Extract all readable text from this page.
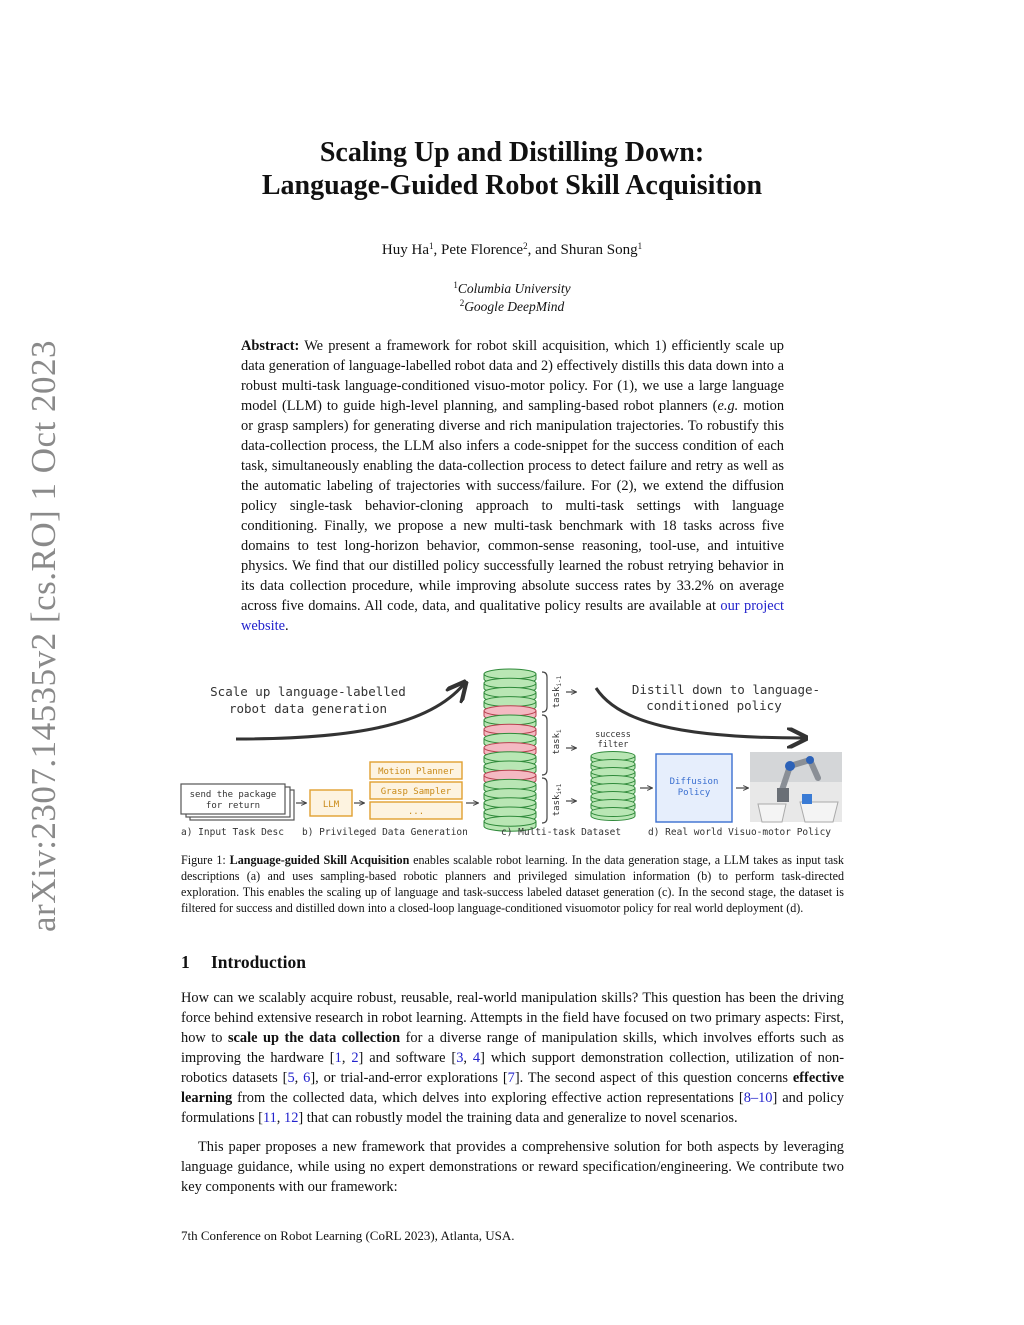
arXiv:2307.14535v2 [cs.RO] 1 Oct 2023
Scaling Up and Distilling Down:
Language-Guided Robot Skill Acquisition
Huy Ha$^1$, Pete Florence$^2$, and Shuran Song$^1$
$^1$Columbia University
$^2$Google DeepMind
Abstract: We present a framework for robot skill acquisition, which 1) efficiently scale up data generation of language-labelled robot data and 2) effectively distills this data down into a robust multi-task language-conditioned visuo-motor policy. For (1), we use a large language model (LLM) to guide high-level planning, and sampling-based robot planners (e.g. motion or grasp samplers) for generating diverse and rich manipulation trajectories. To robustify this data-collection process, the LLM also infers a code-snippet for the success condition of each task, simultaneously enabling the data-collection process to detect failure and retry as well as the automatic labeling of trajectories with success/failure. For (2), we extend the diffusion policy single-task behavior-cloning approach to multi-task settings with language conditioning. Finally, we propose a new multi-task benchmark with 18 tasks across five domains to test long-horizon behavior, common-sense reasoning, tool-use, and intuitive physics. We find that our distilled policy successfully learned the robust retrying behavior in its data collection procedure, while improving absolute success rates by 33.2% on average across five domains. All code, data, and qualitative policy results are available at our project website.
Scale up language-labelled
robot data generation
Distill down to language-
conditioned policy
send the package
for return	LLM
Motion Planner
Grasp Sampler
...
task$_{i-1}$
task$_i$
task$_{i+1}$
success
filter
Diffusion
Policy
a) Input Task Desc b) Privileged Data Generation	c) Multi-task Dataset	d) Real world Visuo-motor Policy
Figure 1: Language-guided Skill Acquisition enables scalable robot learning. In the data generation stage, a LLM takes as input task descriptions (a) and uses sampling-based robotic planners and privileged simulation information (b) to perform task-directed exploration. This enables the scaling up of language and task-success labeled dataset generation (c). In the second stage, the dataset is filtered for success and distilled down into a closed-loop language-conditioned visuomotor policy for real world deployment (d).
1 Introduction
How can we scalably acquire robust, reusable, real-world manipulation skills? This question has been the driving force behind extensive research in robot learning. Attempts in the field have focused on two primary aspects: First, how to scale up the data collection for a diverse range of manipulation skills, which involves efforts such as improving the hardware [1, 2] and software [3, 4] which support demonstration collection, utilization of non-robotics datasets [5, 6], or trial-and-error explorations [7]. The second aspect of this question concerns effective learning from the collected data, which delves into exploring effective action representations [8–10] and policy formulations [11, 12] that can robustly model the training data and generalize to novel scenarios.
This paper proposes a new framework that provides a comprehensive solution for both aspects by leveraging language guidance, while using no expert demonstrations or reward specification/engineering. We contribute two key components with our framework:
7th Conference on Robot Learning (CoRL 2023), Atlanta, USA.
